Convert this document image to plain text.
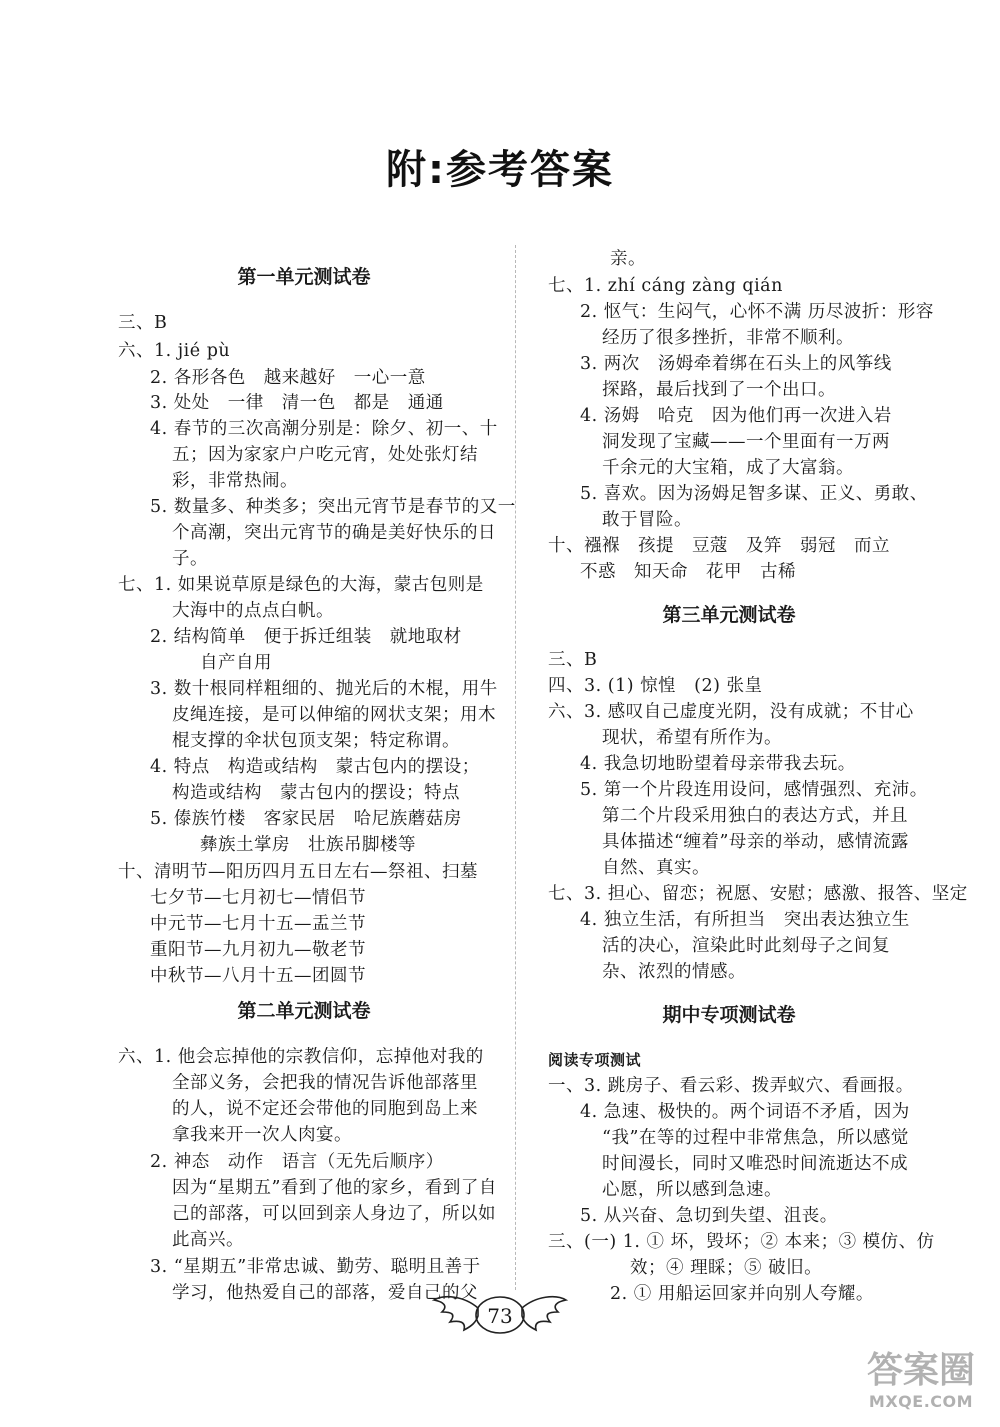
附:参考答案
第一单元测试卷
三、B
六、1. jié pù
2. 各形各色　越来越好　一心一意
3. 处处　一律　清一色　都是　通通
4. 春节的三次高潮分别是：除夕、初一、十
五；因为家家户户吃元宵，处处张灯结
彩，非常热闹。
5. 数量多、种类多；突出元宵节是春节的又一
个高潮，突出元宵节的确是美好快乐的日
子。
七、1. 如果说草原是绿色的大海，蒙古包则是
大海中的点点白帆。
2. 结构简单　便于拆迁组装　就地取材
自产自用
3. 数十根同样粗细的、抛光后的木棍，用牛
皮绳连接，是可以伸缩的网状支架；用木
棍支撑的伞状包顶支架；特定称谓。
4. 特点　构造或结构　蒙古包内的摆设；
构造或结构　蒙古包内的摆设；特点
5. 傣族竹楼　客家民居　哈尼族蘑菇房
彝族土掌房　壮族吊脚楼等
十、清明节—阳历四月五日左右—祭祖、扫墓
七夕节—七月初七—情侣节
中元节—七月十五—盂兰节
重阳节—九月初九—敬老节
中秋节—八月十五—团圆节
第二单元测试卷
六、1. 他会忘掉他的宗教信仰，忘掉他对我的
全部义务，会把我的情况告诉他部落里
的人，说不定还会带他的同胞到岛上来
拿我来开一次人肉宴。
2. 神态　动作　语言（无先后顺序）
因为“星期五”看到了他的家乡，看到了自
己的部落，可以回到亲人身边了，所以如
此高兴。
3. “星期五”非常忠诚、勤劳、聪明且善于
学习，他热爱自己的部落，爱自己的父
亲。
七、1. zhí cáng zàng qián
2. 怄气：生闷气，心怀不满 历尽波折：形容
经历了很多挫折，非常不顺利。
3. 两次　汤姆牵着绑在石头上的风筝线
探路，最后找到了一个出口。
4. 汤姆　哈克　因为他们再一次进入岩
洞发现了宝藏——一个里面有一万两
千余元的大宝箱，成了大富翁。
5. 喜欢。因为汤姆足智多谋、正义、勇敢、
敢于冒险。
十、襁褓　孩提　豆蔻　及笄　弱冠　而立
不惑　知天命　花甲　古稀
第三单元测试卷
三、B
四、3. (1) 惊惶　(2) 张皇
六、3. 感叹自己虚度光阴，没有成就；不甘心
现状，希望有所作为。
4. 我急切地盼望着母亲带我去玩。
5. 第一个片段连用设问，感情强烈、充沛。
第二个片段采用独白的表达方式，并且
具体描述“缠着”母亲的举动，感情流露
自然、真实。
七、3. 担心、留恋；祝愿、安慰；感激、报答、坚定
4. 独立生活，有所担当　突出表达独立生
活的决心，渲染此时此刻母子之间复
杂、浓烈的情感。
期中专项测试卷
阅读专项测试
一、3. 跳房子、看云彩、拨弄蚁穴、看画报。
4. 急速、极快的。两个词语不矛盾，因为
“我”在等的过程中非常焦急，所以感觉
时间漫长，同时又唯恐时间流逝达不成
心愿，所以感到急速。
5. 从兴奋、急切到失望、沮丧。
三、(一) 1. ① 坏，毁坏；② 本来；③ 模仿、仿
效；④ 理睬；⑤ 破旧。
2. ① 用船运回家并向别人夸耀。
73
答案圈
MXQE.COM
